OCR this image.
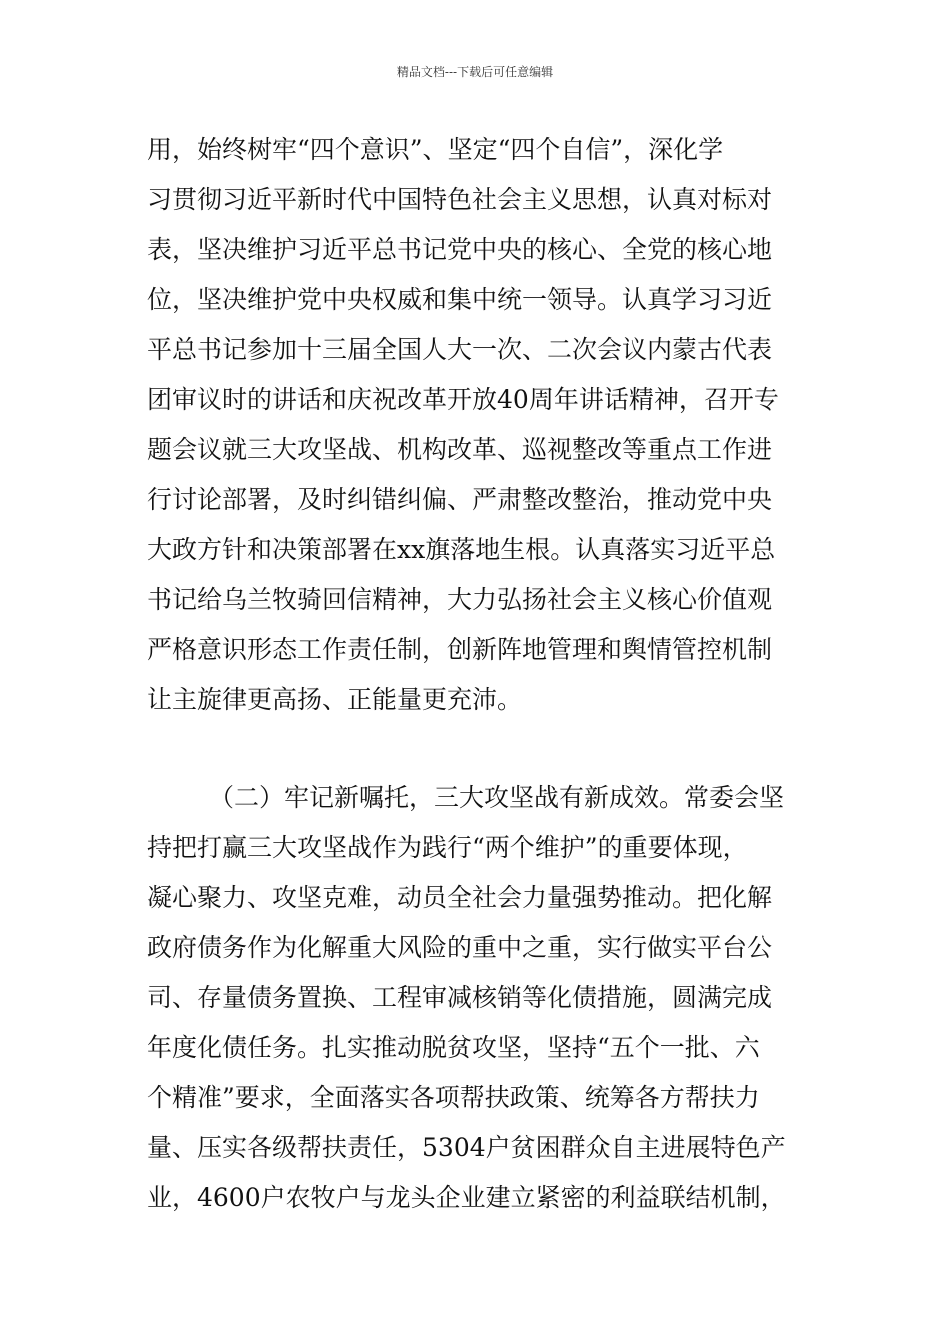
精品文档---下载后可任意编辑
用，始终树牢“四个意识”、坚定“四个自信”，深化学
习贯彻习近平新时代中国特色社会主义思想，认真对标对
表，坚决维护习近平总书记党中央的核心、全党的核心地
位，坚决维护党中央权威和集中统一领导。认真学习习近
平总书记参加十三届全国人大一次、二次会议内蒙古代表
团审议时的讲话和庆祝改革开放40周年讲话精神，召开专
题会议就三大攻坚战、机构改革、巡视整改等重点工作进
行讨论部署，及时纠错纠偏、严肃整改整治，推动党中央
大政方针和决策部署在xx旗落地生根。认真落实习近平总
书记给乌兰牧骑回信精神，大力弘扬社会主义核心价值观
严格意识形态工作责任制，创新阵地管理和舆情管控机制
让主旋律更高扬、正能量更充沛。
（二）牢记新嘱托，三大攻坚战有新成效。常委会坚
持把打赢三大攻坚战作为践行“两个维护”的重要体现，
凝心聚力、攻坚克难，动员全社会力量强势推动。把化解
政府债务作为化解重大风险的重中之重，实行做实平台公
司、存量债务置换、工程审减核销等化债措施，圆满完成
年度化债任务。扎实推动脱贫攻坚，坚持“五个一批、六
个精准”要求，全面落实各项帮扶政策、统筹各方帮扶力
量、压实各级帮扶责任，5304户贫困群众自主进展特色产
业，4600户农牧户与龙头企业建立紧密的利益联结机制，
